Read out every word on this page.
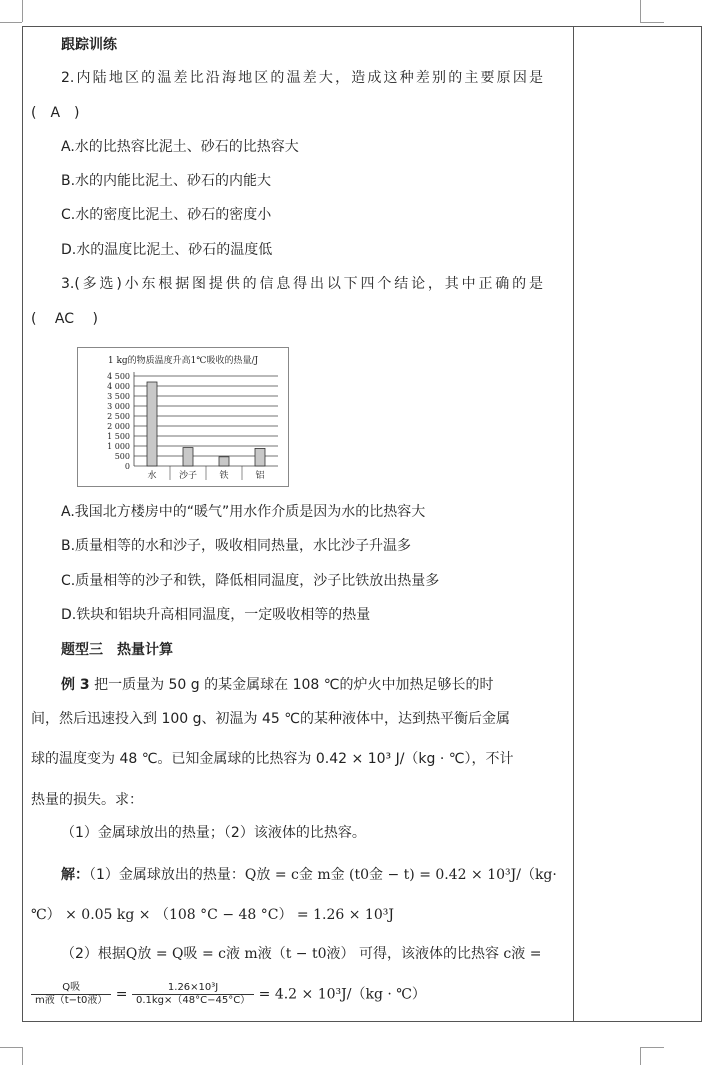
跟踪训练
2.内陆地区的温差比沿海地区的温差大，造成这种差别的主要原因是
(　A　)
A.水的比热容比泥土、砂石的比热容大
B.水的内能比泥土、砂石的内能大
C.水的密度比泥土、砂石的密度小
D.水的温度比泥土、砂石的温度低
3.(多选)小东根据图提供的信息得出以下四个结论，其中正确的是
(　 AC 　)
1 kg的物质温度升高1℃吸收的热量/J
0
500
1 000
1 500
2 000
2 500
3 000
3 500
4 000
4 500
水 沙子 铁	铝
A.我国北方楼房中的“暖气”用水作介质是因为水的比热容大
B.质量相等的水和沙子，吸收相同热量，水比沙子升温多
C.质量相等的沙子和铁，降低相同温度，沙子比铁放出热量多
D.铁块和铝块升高相同温度，一定吸收相等的热量
题型三　热量计算
例 3 把一质量为 50 g 的某金属球在 108 ℃的炉火中加热足够长的时
间，然后迅速投入到 100 g、初温为 45 ℃的某种液体中，达到热平衡后金属
球的温度变为 48 ℃。已知金属球的比热容为 0.42 × 10³ J/（kg · ℃），不计
热量的损失。求：
（1）金属球放出的热量；（2）该液体的比热容。
解：（1）金属球放出的热量：Q放 = c金 m金 (t0金 − t) = 0.42 × 10³J/（kg·
℃） × 0.05 kg × （108 °C − 48 °C） = 1.26 × 10³J
（2）根据Q放 = Q吸 = c液 m液（t − t0液） 可得，该液体的比热容 c液 =
$\frac{\text{Q吸}}{\text{m液（t−t0液）}} = \frac{\text{1.26×10³J}}{0.1kg\times(48^\circ C-45^\circ C)} = 4.2 \times 10^3J/(kg$ · ℃）
